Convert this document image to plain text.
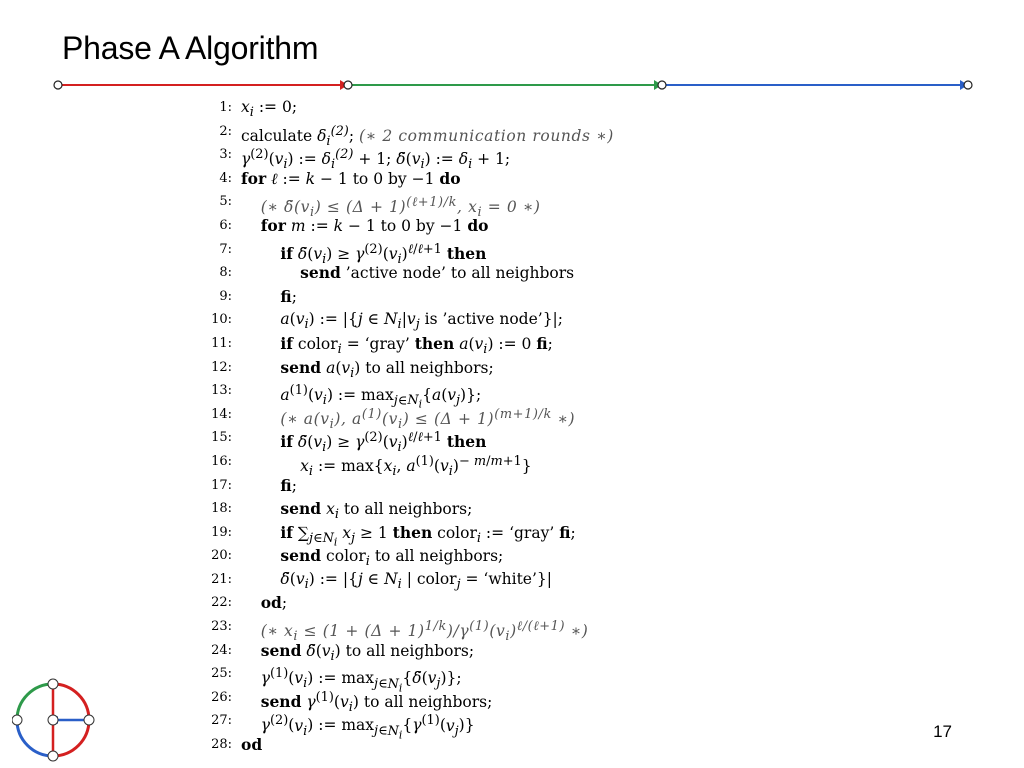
Phase A Algorithm
1: $x_i$ := 0;
2: calculate $\delta_i^{(2)}$; (∗ 2 communication rounds ∗)
3: $\gamma^{(2)}(v_i)$ := $\delta_i^{(2)} + 1$; $\deltã(v_i)$ := $\delta_i + 1$;
4: for ℓ := k − 1 to 0 by −1 do
5:	(∗ $\deltã(v_i) \le (\Delta + 1)^{(\ell+1)/k}$, $x_i = 0$ ∗)
6:	for m := k − 1 to 0 by −1 do
7:	if $\deltã(v_i) \ge \gamma^{(2)}(v_i)^{\ell/\ell+1}$ then
8:	send ’active node’ to all neighbors
9:	fi;
10:	$a(v_i)$ := |{j ∈ $N_i|v_j$ is ’active node’}|;
11:	if color$_i$ = ‘gray’ then $a(v_i)$ := 0 fi;
12:	send $a(v_i)$ to all neighbors;
13:	$a^{(1)}(v_i)$ := $\max_{j\in N_i}\{a(v_j)\}$;
14:	(∗ $a(v_i)$, $a^{(1)}(v_i) \le (\Delta + 1)^{(m+1)/k}$ ∗)
15:	if $\deltã(v_i) \ge \gamma^{(2)}(v_i)^{\ell/\ell+1}$ then
16:	$x_i$ := $\max\{x_i$, $a^{(1)}(v_i)^{- m/m+1}$}
17:	fi;
18:	send $x_i$ to all neighbors;
19:	if $\sum_{j\in N_i}$ $x_j \ge 1$ then color$_i$ := ‘gray’ fi;
20:	send color$_i$ to all neighbors;
21:	$\deltã(v_i)$ := |{j ∈ $N_i$ | color$_j$ = ‘white’}|
22:	od;
23:	(∗ $x_i \le (1 + (\Delta + 1)^{1/k})/\gamma^{(1)}(v_i)^{\ell/(\ell+1)}$ ∗)
24:	send $\deltã(v_i)$ to all neighbors;
25:	$\gamma^{(1)}(v_i)$ := $\max_{j\in N_i}\{\deltã(v_j)\}$;
26:	send $\gamma^{(1)}(v_i)$ to all neighbors;
27:	$\gamma^{(2)}(v_i)$ := $\max_{j\in N_i}\{\gamma^{(1)}(v_j)\}$
28: od
17
